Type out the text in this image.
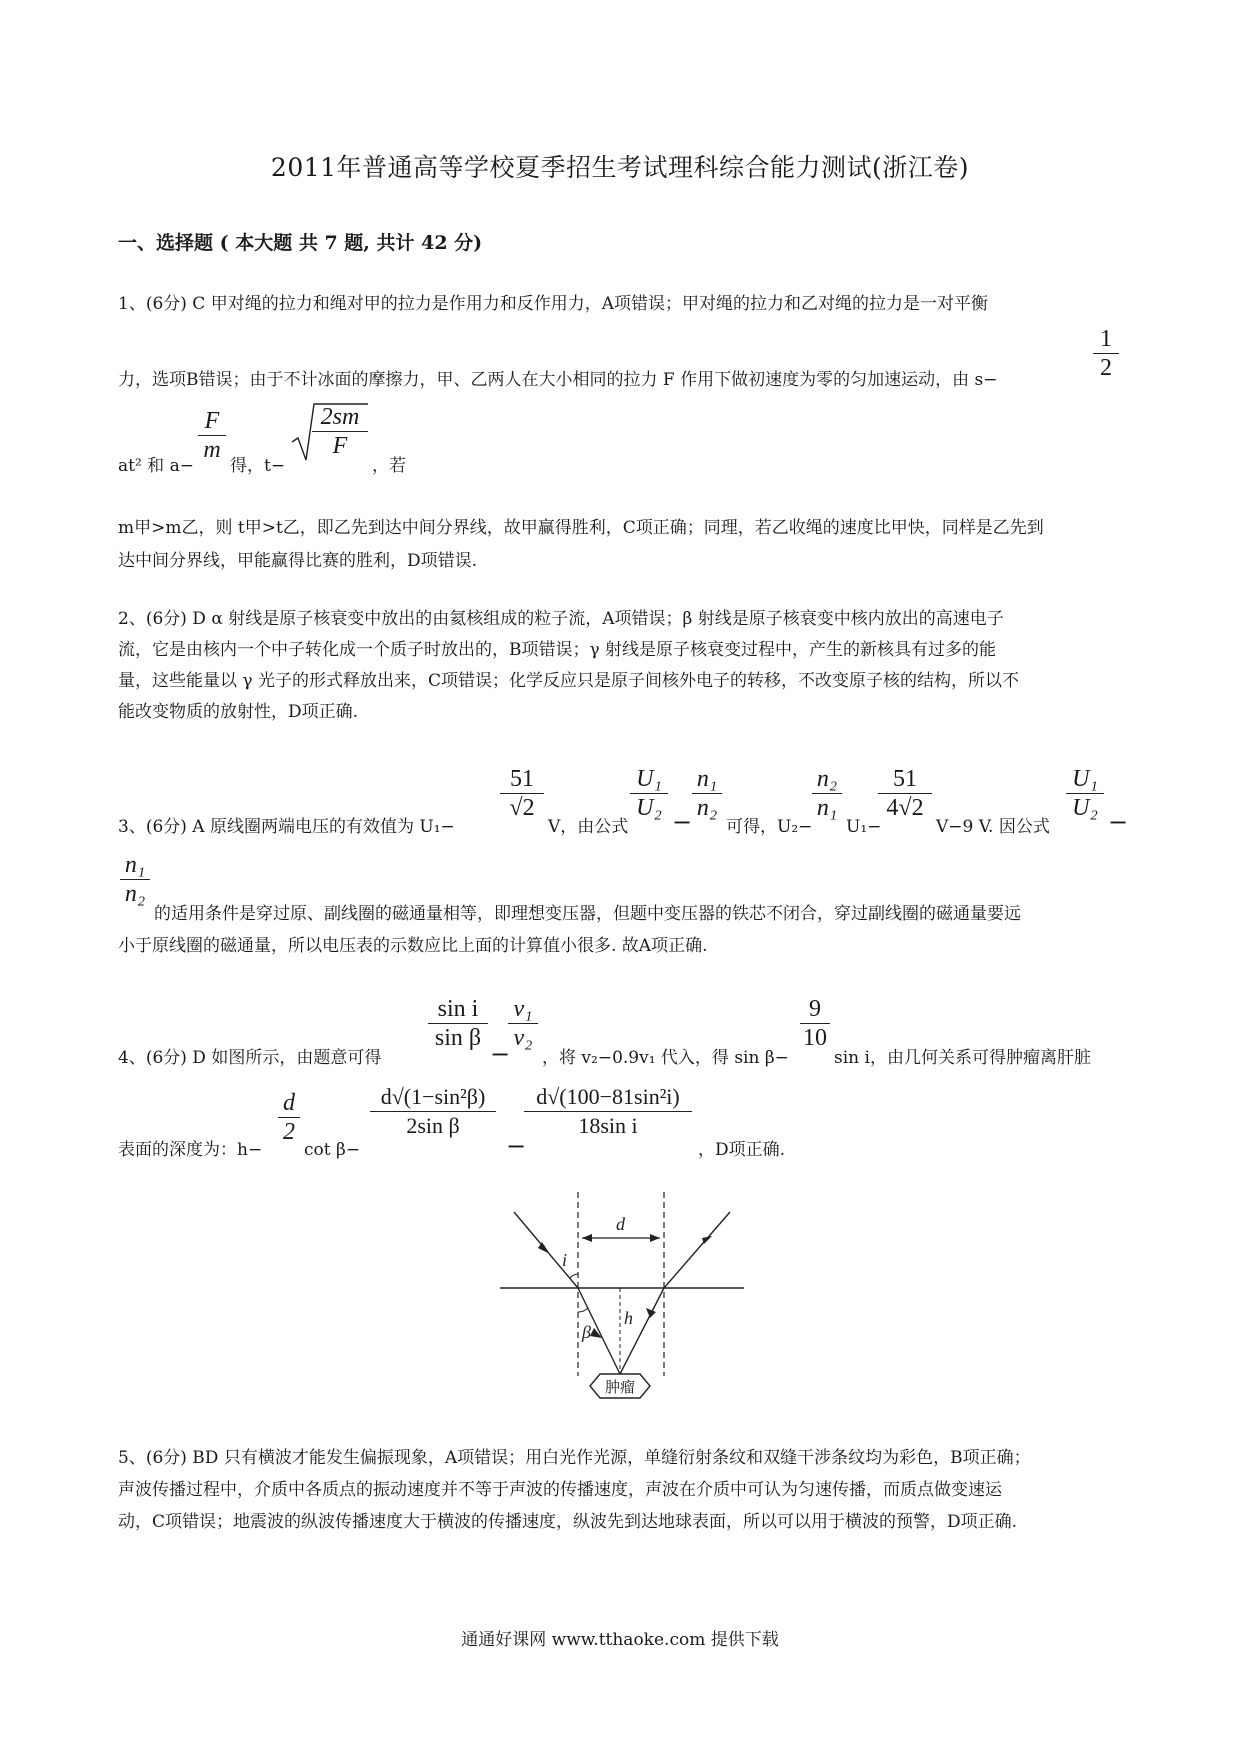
2011年普通高等学校夏季招生考试理科综合能力测试(浙江卷)
一、选择题 ( 本大题 共 7 题, 共计 42 分)
1、(6分) C 甲对绳的拉力和绳对甲的拉力是作用力和反作用力，A项错误；甲对绳的拉力和乙对绳的拉力是一对平衡
1
2
力，选项B错误；由于不计冰面的摩擦力，甲、乙两人在大小相同的拉力 F 作用下做初速度为零的匀加速运动，由 s−
at² 和 a−
F
m
得，t−
2sm
F
，若
m甲>m乙，则 t甲>t乙，即乙先到达中间分界线，故甲赢得胜利，C项正确；同理，若乙收绳的速度比甲快，同样是乙先到
达中间分界线，甲能赢得比赛的胜利，D项错误.
2、(6分) D α 射线是原子核衰变中放出的由氦核组成的粒子流，A项错误；β 射线是原子核衰变中核内放出的高速电子
流，它是由核内一个中子转化成一个质子时放出的，B项错误；γ 射线是原子核衰变过程中，产生的新核具有过多的能
量，这些能量以 γ 光子的形式释放出来，C项错误；化学反应只是原子间核外电子的转移，不改变原子核的结构，所以不
能改变物质的放射性，D项正确.
3、(6分) A 原线圈两端电压的有效值为 U₁−
51
√2
V，由公式
U₁
U₂ −
n₁
n₂
可得，U₂−
n₂
n₁
U₁−
51
4√2
V−9 V. 因公式
U₁
U₂ −
n₁
n₂
的适用条件是穿过原、副线圈的磁通量相等，即理想变压器，但题中变压器的铁芯不闭合，穿过副线圈的磁通量要远
小于原线圈的磁通量，所以电压表的示数应比上面的计算值小很多. 故A项正确.
4、(6分) D 如图所示，由题意可得
sin i
sin β
−
v₁
v₂
，将 v₂−0.9v₁ 代入，得 sin β−
9
10
sin i，由几何关系可得肿瘤离肝脏
表面的深度为：h−
d
2
cot β−
d√(1−sin²β)
2sin β
−
d√(100−81sin²i)
18sin i
，D项正确.
i
d
β
h
肿瘤
5、(6分) BD 只有横波才能发生偏振现象，A项错误；用白光作光源，单缝衍射条纹和双缝干涉条纹均为彩色，B项正确；
声波传播过程中，介质中各质点的振动速度并不等于声波的传播速度，声波在介质中可认为匀速传播，而质点做变速运
动，C项错误；地震波的纵波传播速度大于横波的传播速度，纵波先到达地球表面，所以可以用于横波的预警，D项正确.
通通好课网 www.tthaoke.com 提供下载
